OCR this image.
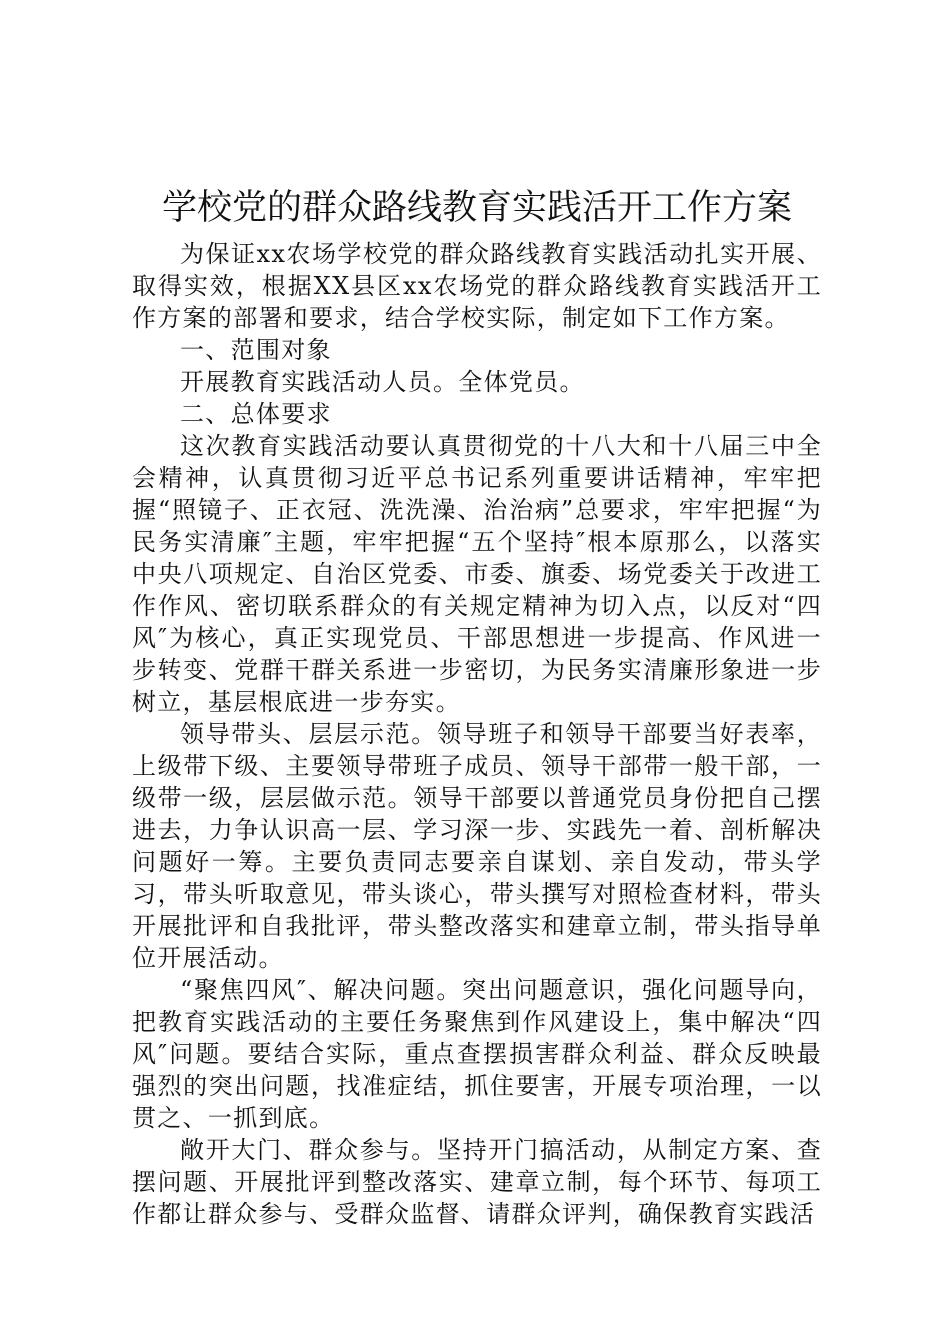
学校党的群众路线教育实践活开工作方案

为保证xx农场学校党的群众路线教育实践活动扎实开展、取得实效，根据XX县区xx农场党的群众路线教育实践活开工作方案的部署和要求，结合学校实际，制定如下工作方案。

一、范围对象

开展教育实践活动人员。全体党员。

二、总体要求

这次教育实践活动要认真贯彻党的十八大和十八届三中全会精神，认真贯彻习近平总书记系列重要讲话精神，牢牢把握“照镜子、正衣冠、洗洗澡、治治病”总要求，牢牢把握“为民务实清廉″主题，牢牢把握“五个坚持″根本原那么，以落实中央八项规定、自治区党委、市委、旗委、场党委关于改进工作作风、密切联系群众的有关规定精神为切入点，以反对“四风″为核心，真正实现党员、干部思想进一步提高、作风进一步转变、党群干群关系进一步密切，为民务实清廉形象进一步树立，基层根底进一步夯实。

领导带头、层层示范。领导班子和领导干部要当好表率，上级带下级、主要领导带班子成员、领导干部带一般干部，一级带一级，层层做示范。领导干部要以普通党员身份把自己摆进去，力争认识高一层、学习深一步、实践先一着、剖析解决问题好一筹。主要负责同志要亲自谋划、亲自发动，带头学习，带头听取意见，带头谈心，带头撰写对照检查材料，带头开展批评和自我批评，带头整改落实和建章立制，带头指导单位开展活动。

“聚焦四风″、解决问题。突出问题意识，强化问题导向，把教育实践活动的主要任务聚焦到作风建设上，集中解决“四风″问题。要结合实际，重点查摆损害群众利益、群众反映最强烈的突出问题，找准症结，抓住要害，开展专项治理，一以贯之、一抓到底。

敞开大门、群众参与。坚持开门搞活动，从制定方案、查摆问题、开展批评到整改落实、建章立制，每个环节、每项工作都让群众参与、受群众监督、请群众评判，确保教育实践活
